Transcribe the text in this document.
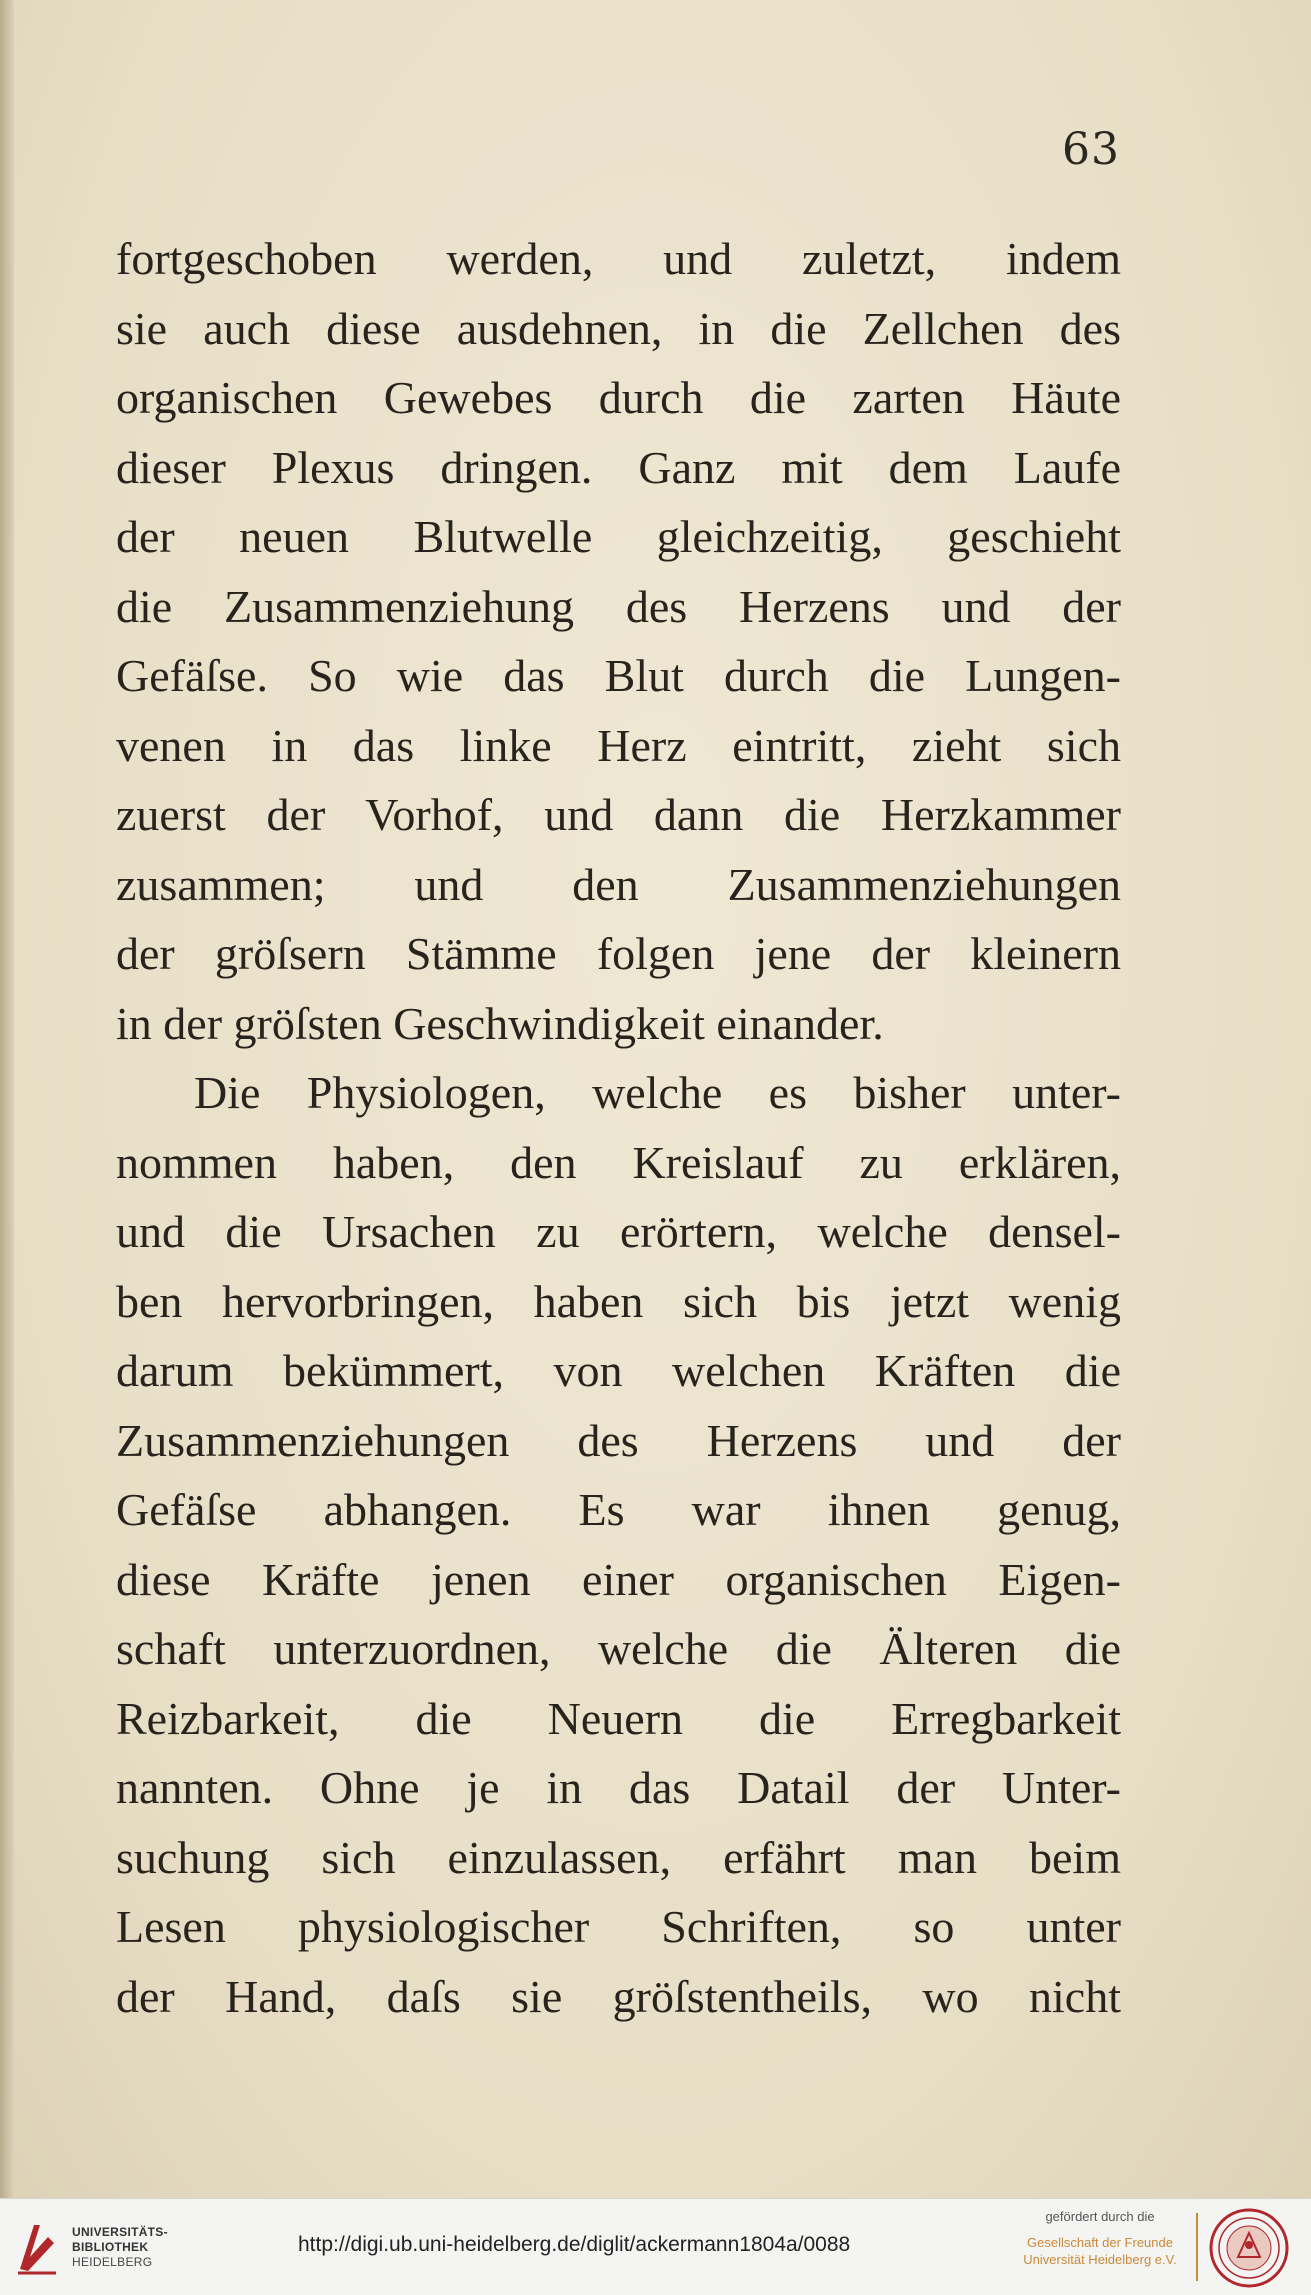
63
fortgeschoben werden, und zuletzt, indem
sie auch diese ausdehnen, in die Zellchen des
organischen Gewebes durch die zarten Häute
dieser Plexus dringen. Ganz mit dem Laufe
der neuen Blutwelle gleichzeitig, geschieht
die Zusammenziehung des Herzens und der
Gefäſse. So wie das Blut durch die Lungen-
venen in das linke Herz eintritt, zieht sich
zuerst der Vorhof, und dann die Herzkammer
zusammen; und den Zusammenziehungen
der gröſsern Stämme folgen jene der kleinern
in der gröſsten Geschwindigkeit einander.
Die Physiologen, welche es bisher unter-
nommen haben, den Kreislauf zu erklären,
und die Ursachen zu erörtern, welche densel-
ben hervorbringen, haben sich bis jetzt wenig
darum bekümmert, von welchen Kräften die
Zusammenziehungen des Herzens und der
Gefäſse abhangen. Es war ihnen genug,
diese Kräfte jenen einer organischen Eigen-
schaft unterzuordnen, welche die Älteren die
Reizbarkeit, die Neuern die Erregbarkeit
nannten. Ohne je in das Datail der Unter-
suchung sich einzulassen, erfährt man beim
Lesen physiologischer Schriften, so unter
der Hand, daſs sie gröſstentheils, wo nicht
UNIVERSITÄTS-
BIBLIOTHEK
HEIDELBERG
http://digi.ub.uni-heidelberg.de/diglit/ackermann1804a/0088
gefördert durch die
Gesellschaft der Freunde
Universität Heidelberg e.V.
